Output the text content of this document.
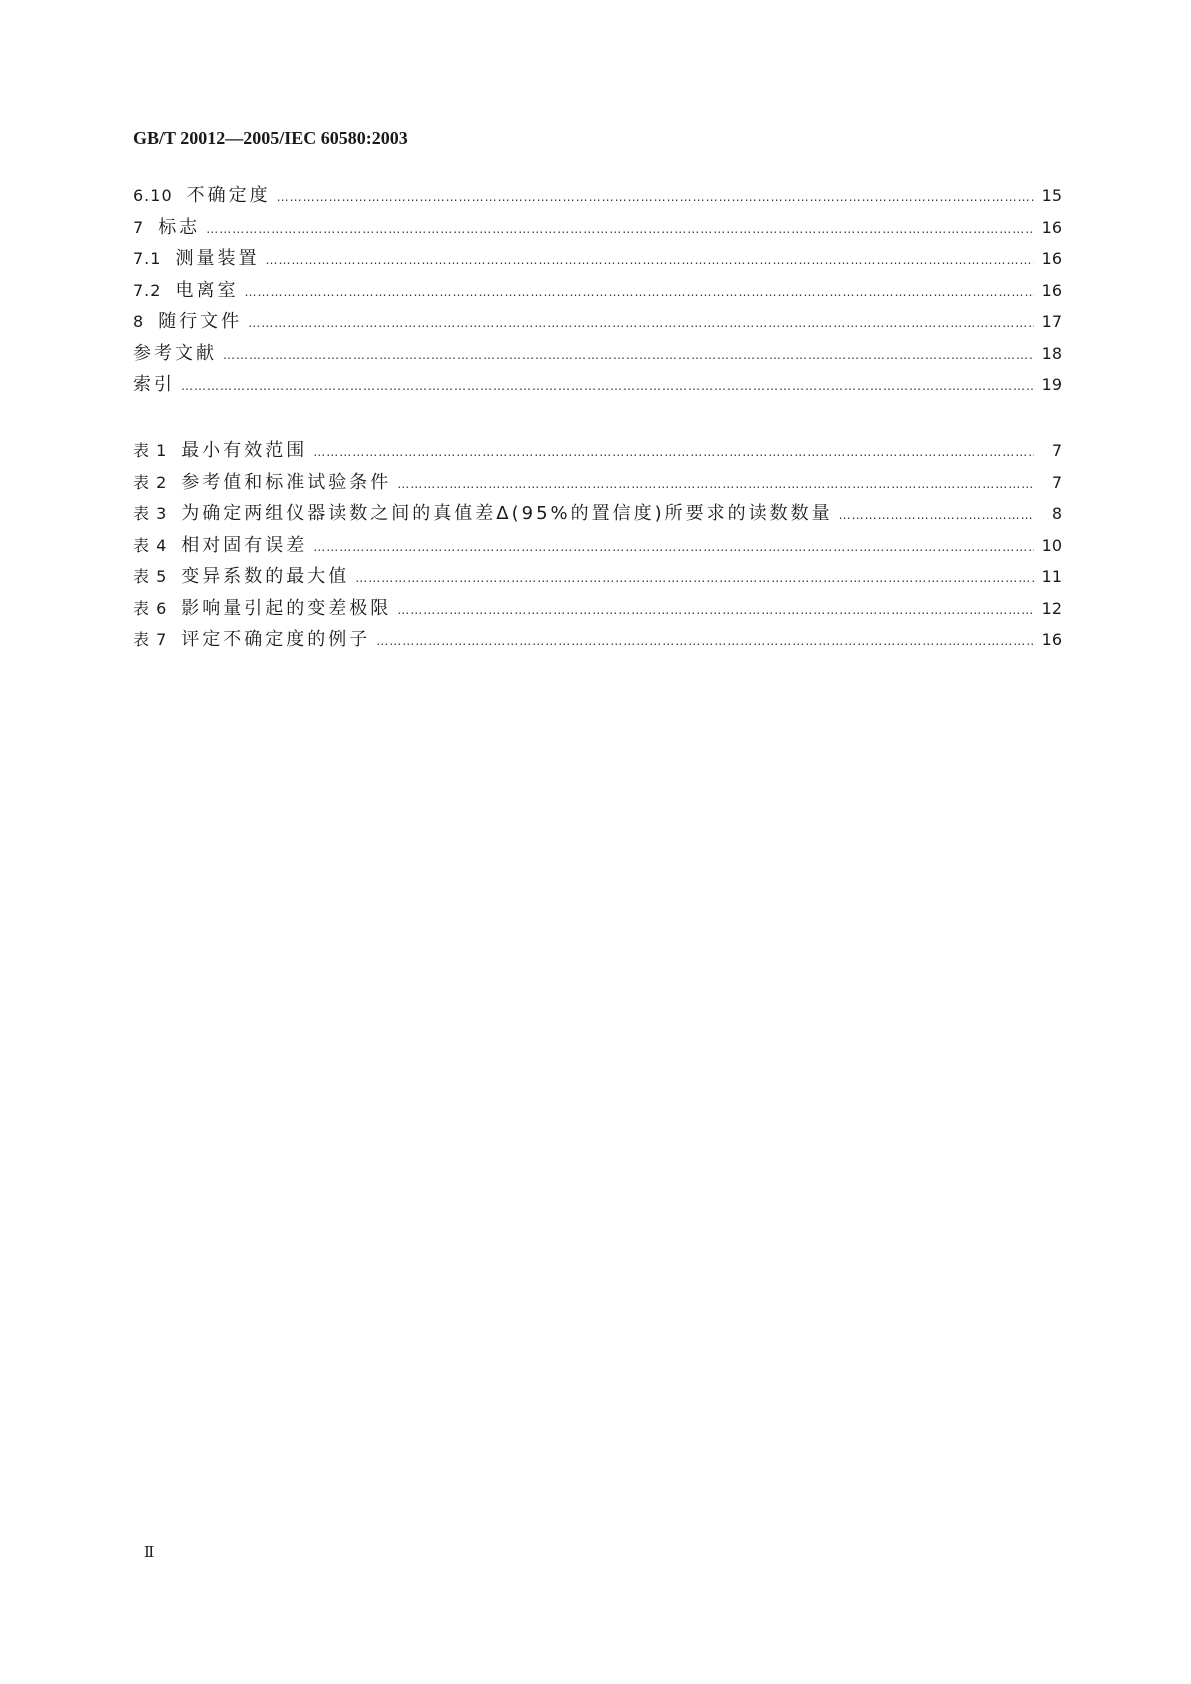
GB/T 20012—2005/IEC 60580:2003
6.10 不确定度 …………………………………………………………………………………………………………………………………………………………………………………………………………………………………………………………………………	15
7 标志 …………………………………………………………………………………………………………………………………………………………………………………………………………………………………………………………………………	16
7.1 测量装置 …………………………………………………………………………………………………………………………………………………………………………………………………………………………………………………………………………	16
7.2 电离室 …………………………………………………………………………………………………………………………………………………………………………………………………………………………………………………………………………	16
8 随行文件 …………………………………………………………………………………………………………………………………………………………………………………………………………………………………………………………………………	17
参考文献 …………………………………………………………………………………………………………………………………………………………………………………………………………………………………………………………………………	18
索引 …………………………………………………………………………………………………………………………………………………………………………………………………………………………………………………………………………	19
表 1 最小有效范围 …………………………………………………………………………………………………………………………………………………………………………………………………………………………………………………………………………	7
表 2 参考值和标准试验条件 …………………………………………………………………………………………………………………………………………………………………………………………………………………………………………………………………………	7
表 3 为确定两组仪器读数之间的真值差Δ(95%的置信度)所要求的读数数量 …………………………………………………………………………………………………………………………………………………………………………………………………………………………………………………………………………	8
表 4 相对固有误差 …………………………………………………………………………………………………………………………………………………………………………………………………………………………………………………………………………	10
表 5 变异系数的最大值 …………………………………………………………………………………………………………………………………………………………………………………………………………………………………………………………………………	11
表 6 影响量引起的变差极限 …………………………………………………………………………………………………………………………………………………………………………………………………………………………………………………………………………	12
表 7 评定不确定度的例子 …………………………………………………………………………………………………………………………………………………………………………………………………………………………………………………………………………	16
Ⅱ
